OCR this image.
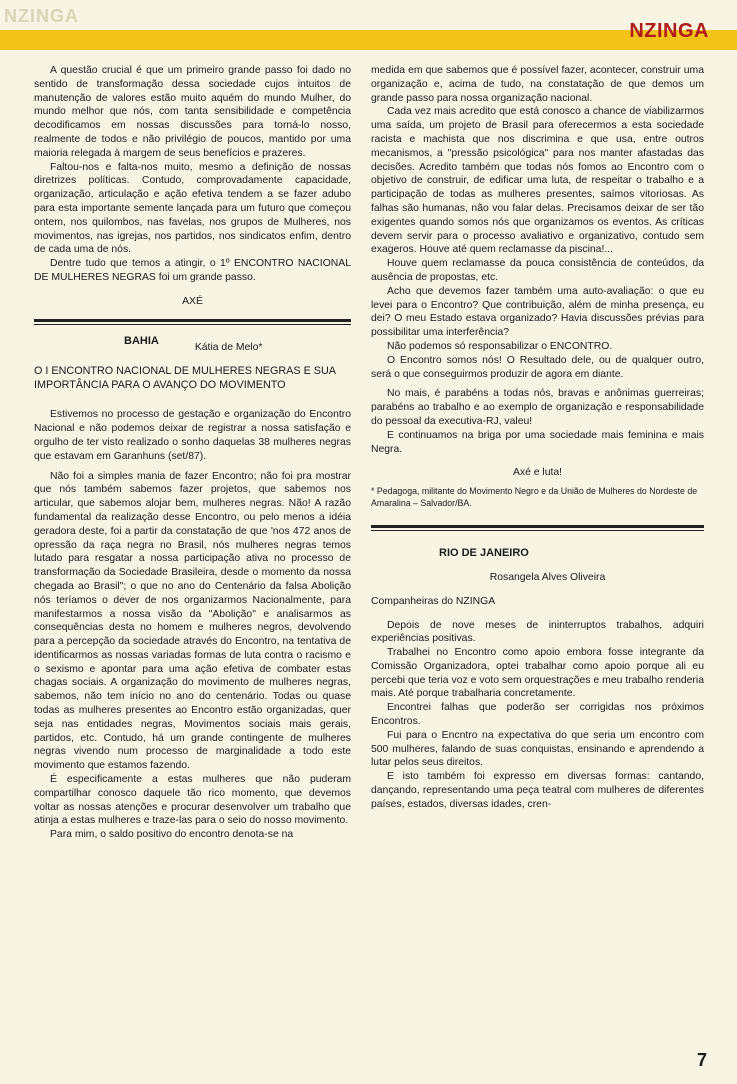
NZINGA
NZINGA

A questão crucial é que um primeiro grande passo foi dado no sentido de transformação dessa sociedade cujos intuitos de manutenção de valores estão muito aquém do mundo Mulher, do mundo melhor que nós, com tanta sensibilidade e competência decodificamos em nossas discussões para torná-lo nosso, realmente de todos e não privilégio de poucos, mantido por uma maioria relegada à margem de seus benefícios e prazeres.

Faltou-nos e falta-nos muito, mesmo a definição de nossas diretrizes políticas. Contudo, comprovadamente capacidade, organização, articulação e ação efetiva tendem a se fazer adubo para esta importante semente lançada para um futuro que começou ontem, nos quilombos, nas favelas, nos grupos de Mulheres, nos movimentos, nas igrejas, nos partidos, nos sindicatos enfim, dentro de cada uma de nós.

Dentre tudo que temos a atingir, o 1º ENCONTRO NACIONAL DE MULHERES NEGRAS foi um grande passo.

AXÉ

BAHIA
Kátia de Melo*

O I ENCONTRO NACIONAL DE MULHERES NEGRAS E SUA IMPORTÂNCIA PARA O AVANÇO DO MOVIMENTO

Estivemos no processo de gestação e organização do Encontro Nacional e não podemos deixar de registrar a nossa satisfação e orgulho de ter visto realizado o sonho daquelas 38 mulheres negras que estavam em Garanhuns (set/87).

Não foi a simples mania de fazer Encontro; não foi pra mostrar que nós também sabemos fazer projetos, que sabemos nos articular, que sabemos alojar bem, mulheres negras. Não! A razão fundamental da realização desse Encontro, ou pelo menos a idéia geradora deste, foi a partir da constatação de que 'nos 472 anos de opressão da raça negra no Brasil, nós mulheres negras temos lutado para resgatar a nossa participação ativa no processo de transformação da Sociedade Brasileira, desde o momento da nossa chegada ao Brasil"; o que no ano do Centenário da falsa Abolição nós teríamos o dever de nos organizarmos Nacionalmente, para manifestarmos a nossa visão da "Abolição" e analisarmos as consequências desta no homem e mulheres negros, devolvendo para a percepção da sociedade através do Encontro, na tentativa de identificarmos as nossas variadas formas de luta contra o racismo e o sexismo e apontar para uma ação efetiva de combater estas chagas sociais. A organização do movimento de mulheres negras, sabemos, não tem início no ano do centenário. Todas ou quase todas as mulheres presentes ao Encontro estão organizadas, quer seja nas entidades negras, Movimentos sociais mais gerais, partidos, etc. Contudo, há um grande contingente de mulheres negras vivendo num processo de marginalidade a todo este movimento que estamos fazendo.

É especificamente a estas mulheres que não puderam compartilhar conosco daquele tão rico momento, que devemos voltar as nossas atenções e procurar desenvolver um trabalho que atinja a estas mulheres e traze-las para o seio do nosso movimento.

Para mim, o saldo positivo do encontro denota-se na

medida em que sabemos que é possível fazer, acontecer, construir uma organização e, acima de tudo, na constatação de que demos um grande passo para nossa organização nacional.

Cada vez mais acredito que está conosco a chance de viabilizarmos uma saída, um projeto de Brasil para oferecermos a esta sociedade racista e machista que nos discrimina e que usa, entre outros mecanismos, a "pressão psicológica" para nos manter afastadas das decisões. Acredito também que todas nós fomos ao Encontro com o objetivo de construir, de edificar uma luta, de respeitar o trabalho e a participação de todas as mulheres presentes, saímos vitoriosas. As falhas são humanas, não vou falar delas. Precisamos deixar de ser tão exigentes quando somos nós que organizamos os eventos. As críticas devem servir para o processo avaliativo e organizativo, contudo sem exageros. Houve até quem reclamasse da piscina!...

Houve quem reclamasse da pouca consistência de conteúdos, da ausência de propostas, etc.

Acho que devemos fazer também uma auto-avaliação: o que eu levei para o Encontro? Que contribuição, além de minha presença, eu dei? O meu Estado estava organizado? Havia discussões prévias para possibilitar uma interferência?

Não podemos só responsabilizar o ENCONTRO.

O Encontro somos nós! O Resultado dele, ou de qualquer outro, será o que conseguirmos produzir de agora em diante.

No mais, é parabéns a todas nós, bravas e anônimas guerreiras; parabéns ao trabalho e ao exemplo de organização e responsabilidade do pessoal da executiva-RJ, valeu!

E continuamos na briga por uma sociedade mais feminina e mais Negra.

Axé e luta!

* Pedagoga, militante do Movimento Negro e da União de Mulheres do Nordeste de Amaralina – Salvador/BA.

RIO DE JANEIRO

Rosangela Alves Oliveira

Companheiras do NZINGA

Depois de nove meses de ininterruptos trabalhos, adquiri experiências positivas.

Trabalhei no Encontro como apoio embora fosse integrante da Comissão Organizadora, optei trabalhar como apoio porque ali eu percebi que teria voz e voto sem orquestrações e meu trabalho renderia mais. Até porque trabalharia concretamente.

Encontrei falhas que poderão ser corrigidas nos próximos Encontros.

Fui para o Encntro na expectativa do que seria um encontro com 500 mulheres, falando de suas conquistas, ensinando e aprendendo a lutar pelos seus direitos.

E isto também foi expresso em diversas formas: cantando, dançando, representando uma peça teatral com mulheres de diferentes países, estados, diversas idades, cren-

7
